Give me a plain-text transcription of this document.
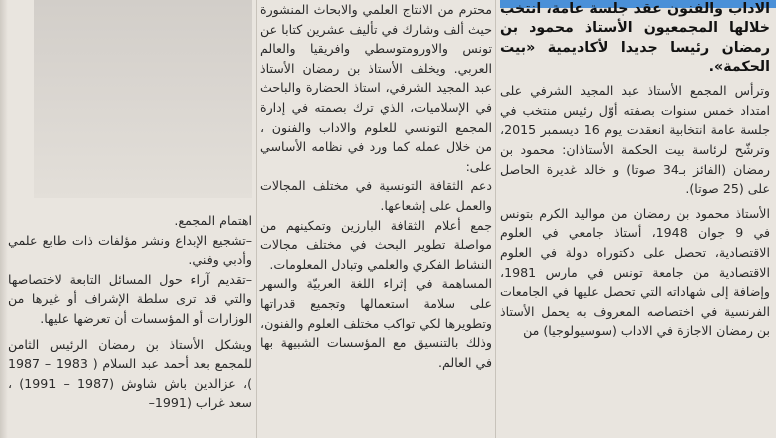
الاداب والفنون عقد جلسة عامة، انتخب خلالها المجمعيون الأستاذ محمود بن رمضان رئيسا جديدا لأكاديمية «بيت الحكمة».

وترأس المجمع الأستاذ عبد المجيد الشرفي على امتداد خمس سنوات بصفته أوّل رئيس منتخب في جلسة عامة انتخابية انعقدت يوم 16 ديسمبر 2015، وترشّح لرئاسة بيت الحكمة الأستاذان: محمود بن رمضان (الفائز بـ34 صوتا) و خالد غديرة الحاصل على (25 صوتا).

الأستاذ محمود بن رمضان من مواليد الكرم بتونس في 9 جوان 1948، أستاذ جامعي في العلوم الاقتصادية، تحصل على دكتوراه دولة في العلوم الاقتصادية من جامعة تونس في مارس 1981، وإضافة إلى شهاداته التي تحصل عليها في الجامعات الفرنسية في اختصاصه المعروف به يحمل الأستاذ بن رمضان الاجازة في الاداب (سوسيولوجيا) من

محترم من الانتاج العلمي والابحاث المنشورة حيث ألف وشارك في تأليف عشرين كتابا عن تونس والاورومتوسطي وافريقيا والعالم العربي. ويخلف الأستاذ بن رمضان الأستاذ عبد المجيد الشرفي، استاذ الحضارة والباحث في الإسلاميات، الذي ترك بصمته في إدارة المجمع التونسي للعلوم والاداب والفنون ، من خلال عمله كما ورد في نظامه الأساسي على:

دعم الثقافة التونسية في مختلف المجالات والعمل على إشعاعها.

جمع أعلام الثقافة البارزين وتمكينهم من مواصلة تطوير البحث في مختلف مجالات النشاط الفكري والعلمي وتبادل المعلومات.

المساهمة في إثراء اللغة العربيّة والسهر على سلامة استعمالها وتجميع قدراتها وتطويرها لكي تواكب مختلف العلوم والفنون، وذلك بالتنسيق مع المؤسسات الشبيهة بها في العالم.

اهتمام المجمع.

–تشجيع الإبداع ونشر مؤلفات ذات طابع علمي وأدبي وفني.

–تقديم آراء حول المسائل التابعة لاختصاصها والتي قد ترى سلطة الإشراف أو غيرها من الوزارات أو المؤسسات أن تعرضها عليها.

ويشكل الأستاذ بن رمضان الرئيس الثامن للمجمع بعد أحمد عبد السلام ( 1983 – 1987 )، عزالدين باش شاوش (1987 – 1991) ، سعد غراب (1991–
